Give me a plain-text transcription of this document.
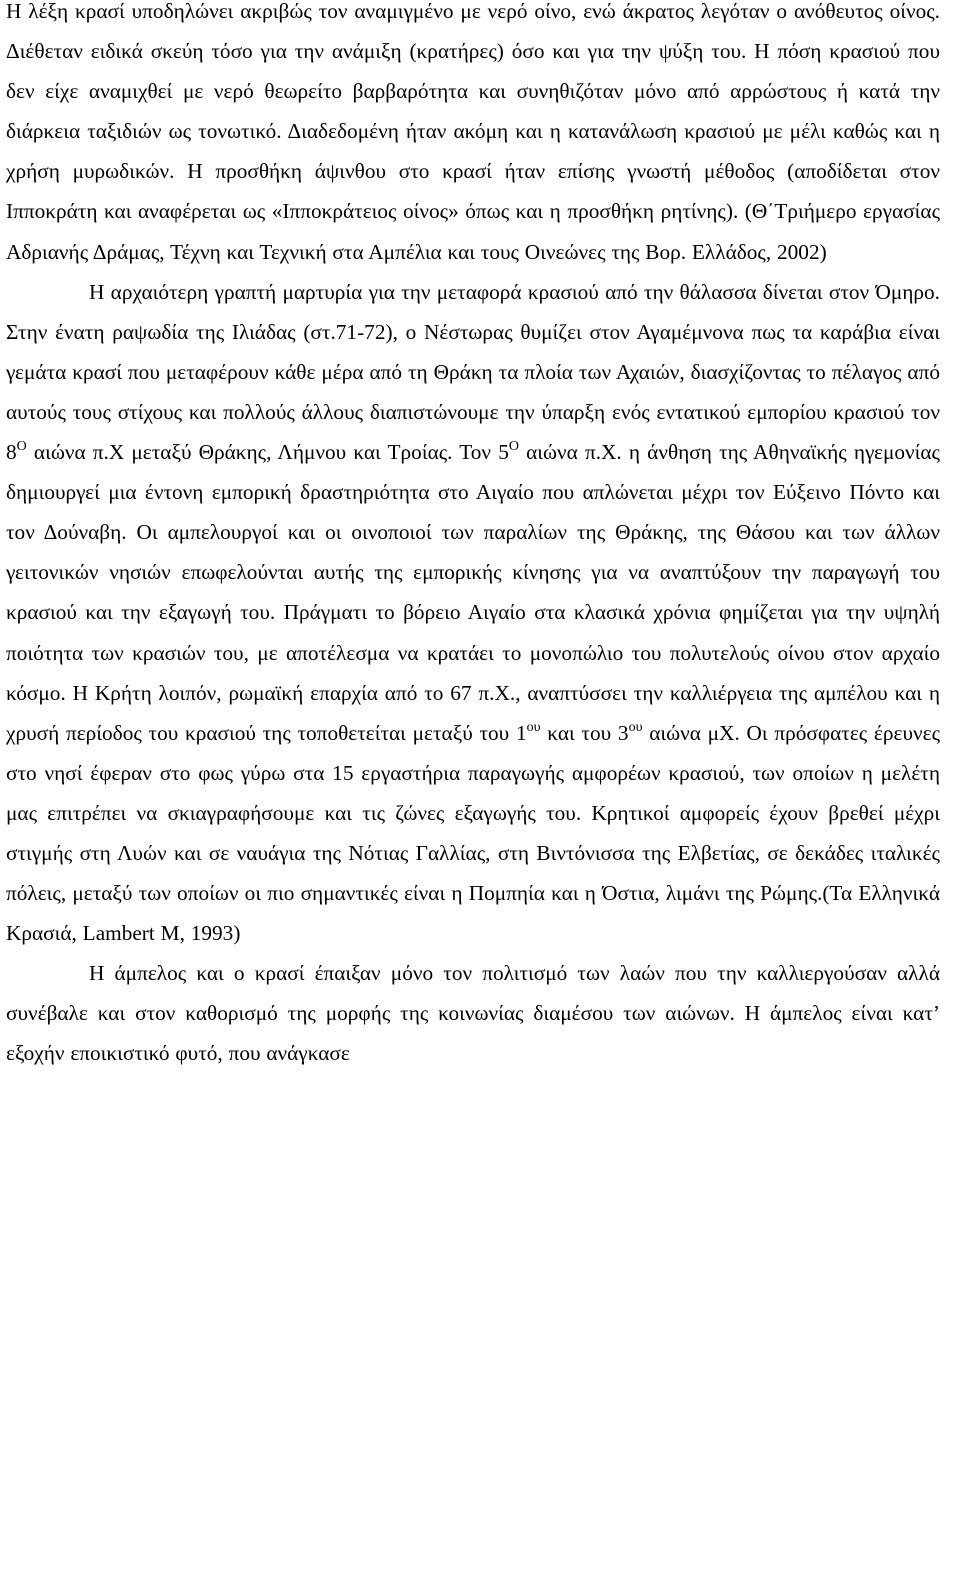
Η λέξη κρασί υποδηλώνει ακριβώς τον αναμιγμένο με νερό οίνο, ενώ άκρατος λεγόταν ο ανόθευτος οίνος. Διέθεταν ειδικά σκεύη τόσο για την ανάμιξη (κρατήρες) όσο και για την ψύξη του. Η πόση κρασιού που δεν είχε αναμιχθεί με νερό θεωρείτο βαρβαρότητα και συνηθιζόταν μόνο από αρρώστους ή κατά την διάρκεια ταξιδιών ως τονωτικό. Διαδεδομένη ήταν ακόμη και η κατανάλωση κρασιού με μέλι καθώς και η χρήση μυρωδικών. Η προσθήκη άψινθου στο κρασί ήταν επίσης γνωστή μέθοδος (αποδίδεται στον Ιπποκράτη και αναφέρεται ως «Ιπποκράτειος οίνος» όπως και η προσθήκη ρητίνης). (Θ΄Τριήμερο εργασίας Αδριανής Δράμας, Τέχνη και Τεχνική στα Αμπέλια και τους Οινεώνες της Βορ. Ελλάδος, 2002)

Η αρχαιότερη γραπτή μαρτυρία για την μεταφορά κρασιού από την θάλασσα δίνεται στον Όμηρο. Στην ένατη ραψωδία της Ιλιάδας (στ.71-72), ο Νέστωρας θυμίζει στον Αγαμέμνονα πως τα καράβια είναι γεμάτα κρασί που μεταφέρουν κάθε μέρα από τη Θράκη τα πλοία των Αχαιών, διασχίζοντας το πέλαγος από αυτούς τους στίχους και πολλούς άλλους διαπιστώνουμε την ύπαρξη ενός εντατικού εμπορίου κρασιού τον $8^O$ αιώνα π.Χ μεταξύ Θράκης, Λήμνου και Τροίας. Τον $5^O$ αιώνα π.Χ. η άνθηση της Αθηναϊκής ηγεμονίας δημιουργεί μια έντονη εμπορική δραστηριότητα στο Αιγαίο που απλώνεται μέχρι τον Εύξεινο Πόντο και τον Δούναβη. Οι αμπελουργοί και οι οινοποιοί των παραλίων της Θράκης, της Θάσου και των άλλων γειτονικών νησιών επωφελούνται αυτής της εμπορικής κίνησης για να αναπτύξουν την παραγωγή του κρασιού και την εξαγωγή του. Πράγματι το βόρειο Αιγαίο στα κλασικά χρόνια φημίζεται για την υψηλή ποιότητα των κρασιών του, με αποτέλεσμα να κρατάει το μονοπώλιο του πολυτελούς οίνου στον αρχαίο κόσμο. Η Κρήτη λοιπόν, ρωμαϊκή επαρχία από το 67 π.Χ., αναπτύσσει την καλλιέργεια της αμπέλου και η χρυσή περίοδος του κρασιού της τοποθετείται μεταξύ του $1^{o\upsilon}$ και του $3^{o\upsilon}$ αιώνα μΧ. Οι πρόσφατες έρευνες στο νησί έφεραν στο φως γύρω στα 15 εργαστήρια παραγωγής αμφορέων κρασιού, των οποίων η μελέτη μας επιτρέπει να σκιαγραφήσουμε και τις ζώνες εξαγωγής του. Κρητικοί αμφορείς έχουν βρεθεί μέχρι στιγμής στη Λυών και σε ναυάγια της Νότιας Γαλλίας, στη Βιντόνισσα της Ελβετίας, σε δεκάδες ιταλικές πόλεις, μεταξύ των οποίων οι πιο σημαντικές είναι η Πομπηία και η Όστια, λιμάνι της Ρώμης.(Τα Ελληνικά Κρασιά, Lambert M, 1993)

Η άμπελος και ο κρασί έπαιξαν μόνο τον πολιτισμό των λαών που την καλλιεργούσαν αλλά συνέβαλε και στον καθορισμό της μορφής της κοινωνίας διαμέσου των αιώνων. Η άμπελος είναι κατ’ εξοχήν εποικιστικό φυτό, που ανάγκασε
